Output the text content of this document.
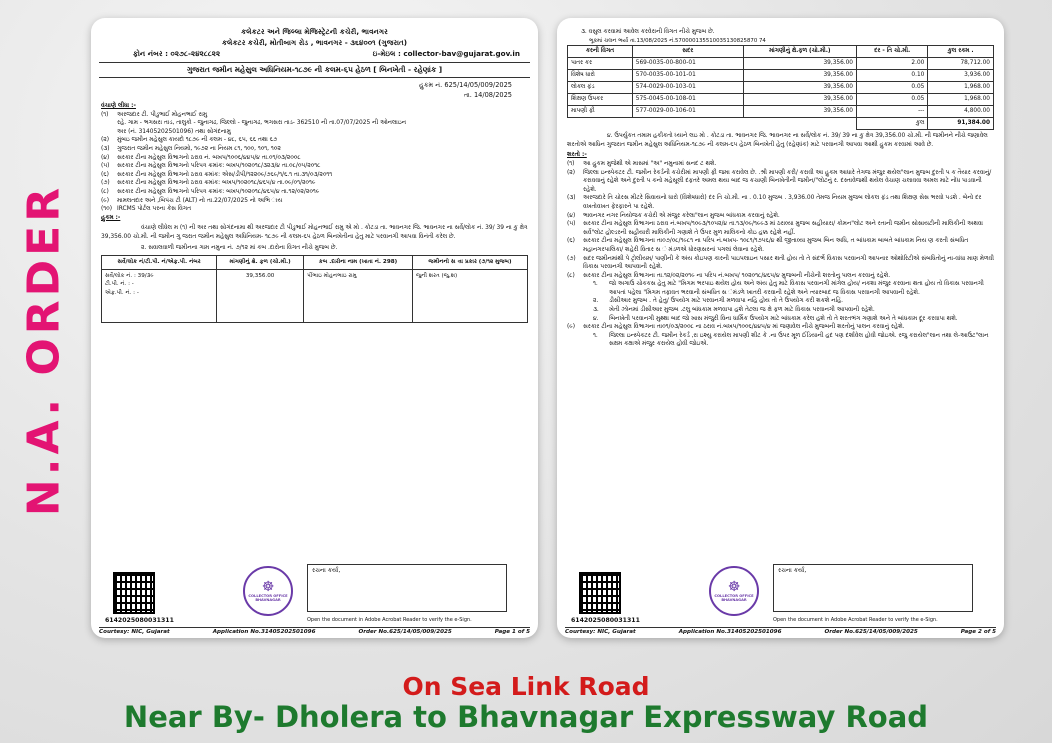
N.A. ORDER
કલેકટર અને જિલ્લા મેજિસ્ટ્રેટની કચેરી, ભાવનગર
કલેકટર કચેરી, મોતીબાગ રોડ , ભાવનગર - ૩૬૪૦૦૧ (ગુજરાત)
ફોન નંબર : ૦૨૭૮-૨૪૨૮૮૨૨	ઇ-મેઇલ : collector-bav@gujarat.gov.in
ગુજરાત જમીન મહેસુલ અધિનિયમ-૧૮૭૯ ની કલમ-૬૫ હેઠળ [ બિનખેતી - રહેણાંક ]
હુકમ નં. 625/14/05/009/2025
તા. 14/08/2025
વંચાણે લીધા :-
(૧)	અરજદાર ટી. પીડુભાઈ મોહનભાઈ રામુ
રહે. ગામ - ભગસરા તાડ, તાલુકો - જુનાગઢ, જિલ્લો - જુનાગઢ, ભગસરા તાડ- 362510 ની તા.07/07/2025 ની ઓનલાઇન
અર (નં. 31405202501096) તથા સોગંદનામુ
(૨)	મુંબઇ જમીન મહેસુલ કાયદો ૧૮૭૯ ની કલમ - ૪૮, ૬૫, ૬૬ તથા ૬૭
(૩)	ગુજરાત જમીન મહેસુલ નિયમો, ૧૯૭૨ ના નિયમ ૮૧, ૧૦૦, ૧૦૧, ૧૦૨
(૪)	સરકાર ટીના મહેસુલ વિભાગનો ઠરાવ નં. બખપ/૧૦૦૬/૪૪૫/૪ તા.૦૧/૦૩/૨૦૦૮
(૫)	સરકાર ટીના મહેસુલ વિભાગનો પરિપત્ર ક્રમાંક: બખપ/૧૦૨૦૧૮/૩૨૩/૪ તા.૦૮/૦૫/૨૦૧૮
(૬)	સરકાર ટીના મહેસુલ વિભાગનો ઠરાવ ક્રમાંક: એસ/ડીપી/૧૨૨૦૯/૭૬૯/૧/૬.૧ તા.૩૧/૦૩/૨૦૧૧
(૭)	સરકાર ટીના મહેસુલ વિભાગનો ઠરાવ ક્રમાંક: બખપ/૧૦૨૦૧૮/૪૬૫/૪ તા.૦૯/૦૧/૨૦૧૯
(૮)	સરકાર ટીના મહેસુલ વિભાગનો પરિપત્ર ક્રમાંક: બખપ/૧૦૨૦૧૮/૪૬૫/૪ તા.૧૨/૦૨/૨૦૧૯
(૯)	મામલતદાર અને ,બિપંચ ટી (ALT) નો તા.22/07/2025 નો અભિ ાય
(૧૦) IRCMS પોર્ટલ પરના કેસ વિગત
હુકમ :-
વંચાણે લીધેલ મ (૧) ની અર તથા સોગંદનામા થી અરજદાર ટી પીડુભાઈ મોહનભાઈ રામુ એ મો . કોટડા તા. ભાવનગર જિ. ભાવનગર ના સર્વે/લોક નં. 39/ 39 ના કુ ક્ષેત્ર 39,356.00 ચો.મી. ની જમીન ગુ જરાત જમીન મહેસુલ અધિનિયમ- ૧૮૭૯ ની કલમ-૬૫ હેઠળ બિનખેતીના હેતુ માટે પરવાનગી આપવા વિનંતી કરેલ છે.
૨. સવાલવાળી જમીનના ગામ નમુના નં. ૭/૧૨ માં કબ .દારોના વિગત નીચે મુજબ છે.
સર્વે/લોક નં/ટી.પી. નં/એફ.પી. નંબર	માંગણીનું ક્ષે. ફળ (ચો.મી.)	કબ .દારોના નામ (ખાતા નં. 298)	જમીનનો સ ત્તા પ્રકાર (૭/૧૨ મુજબ)

સર્વે/લોક નં. : 39/૩૯
ટી.પી. નં. : -
એફ.પી. નં. : -	39,356.00	પીંભાઇ મોહનભાઇ રામુ	જુની શરત (જુ.શ)
6142025080031311
☸
COLLECTOR OFFICE BHAVNAGAR
રચના કર્યા,
Open the document in Adobe Acrobat Reader to verify the e-Sign.
Courtesy: NIC, Gujarat	Application No.31405202501096	Order No.625/14/05/009/2025	Page 1 of 5
૩. વસુલ કરવામાં આવેલ કરવેરાની વિગત નીચે મુજબ છે.
ભૂકમાં ચલન ભર્યા તા.13/08/2025 નં.570000135510035130825870 74
કરની વિગત	સદર	માંગણીનું ક્ષે.ફળ (ચો.મી.)	દર - તિ ચો.મી.	કુલ રકમ .
પાતર કર	569-0035-00-800-01	39,356.00	2.00	78,712.00
વિશેષ ધારો	570-0035-00-101-01	39,356.00	0.10	3,936.00
લોકલ ફંડ	574-0029-00-103-01	39,356.00	0.05	1,968.00
શિક્ષણ ઉપકર	575-0045-00-108-01	39,356.00	0.05	1,968.00
માપણી ફી	577-0029-00-106-01	39,356.00	---	4,800.00
			કુલ	91,384.00
૪. ઉપર્યુકત તમામ હકીકતો ધ્યાને લઇ મો . કોટડા તા. ભાવનગર જિ. ભાવનગર ના સર્વે/લોક નં. 39/ 39 ના કુ ક્ષેત્ર 39,356.00 ચો.મી. ની જમીનને નીચે જણાવેલ શરતોએ આધિન ગુજરાત જમીન મહેસુલ અધિનિયમ-૧૮૭૯ ની કલમ-૬૫ હેઠળ બિનખેતી હેતુ (રહેણાંક) માટે પરવાનગી આપવા આથી હુકમ કરવામાં આવે છે.
શરતો :-
(૧)	આ હુકમ મુજેથી એ માસમાં "અ" નમુનામાં સનદ ટ થશે.
(૨)	જિલ્લા ઇન્સ્પેકટર ટી. જમીન રેકર્ડની કચેરીમાં માપણી ફી જમા કરાવેલ છે. .શ્રી માપણી કરી/ કરાવી આ હુકમ આધારે તેગજ મંજુર થયેલ"લાન મુજબ દુરતી પ ક તૈયાર કરવાનું/ કરાવવાનું રહેશે અને દુરતી પ કનો મહેસૂલી દફતરે અમલ થયા બાદ જ કચાણી બિનખેતીની જમીન/"લોટનું ર. દસ્તાવેજથી થયેલ વેચાણ ચલાવવા અમલ માટે નોંધ પાડવાની રહેશે.
(૩)	અરજદારે તિ ચોરસ મીટરે સિવાયનો ધારો (વિશેષધારો) દર તિ ચો.મી. ના . 0.10 મુજબ . 3,936.00 તેમજ નિયમ મુજબ લોકલ ફંડ તથા શિક્ષણ સેસ ભરવો પડશે . બેનો દર વખતોવખત ફેરફારને પા રહેશે.
(૪)	ભાવનગર નગર નિયોજક કચેરી એ મંજુર કરેલા"લાન મુજબ બાંધકામ કરવાનું રહેશે.
(૫)	સરકાર ટીના મહેસુલ વિભાગના ઠરાવ નં.બખપ/૧૦૯૩/૧૦૫૨/૪ તા.૧૩/૦૯/૧૯૯૩ માં ઠરાવ્યા મુજબ સહીયારા/ કોમન"લોટ અને રતાની જમીન સોસાયટીની માલિકીની અથવા સર્વે"લોટ હોલ્ડરની સહીયારી માલિકીની ગણાશે તે ઉપર મુળ માલિકનો કોઇ હક્ક રહેશે નહીં.
(૬)	સરકાર ટીના મહેસુલ વિભાગના તા૦૭/૦૮/૧૯૮૧ ના પરિપ નં.બખપ- ૧૦૮૧/૧૭૫૬/૪ થી જીતાવ્યા મુજબ બિન અધિ, ત બાંધકામ બાબતે બાંધકામ નિય ણ કરતી સંબધિત મહાનગરપાલિકા/ શહેરી વિતાર સ ં મંડળએ ધોરણસરનાં પગલાં લેવાના રહેશે.
(૭)	સદર જમીનમાંથી પે ટ્રોલીયમ/ પાણીની કે અંય કોઇપણ કારની પાઇપલાઇન પસાર થતી હોય તો તે સંદર્ભે વિકાસ પરવાનગી આપનાર ઓથોરિટીએ સંબધિતોનું ના-વાંધા માણ મેળવી વિકાસ પરવાનગી આપવાની રહેશે.
(૮)	સરકાર ટીના મહેસુલ વિભાગના તા.૧૨/૦૨/૨૦૧૯ ના પરિપ નં.બખપ/ ૧૦૨૦૧૮/૪૬૫/૪ મુજબની નીચેની શરતોનુ પાલન કરવાનું રહેશે.
૧.	જો અગાઉ ચોકકસ હેતુ માટે "મિગમ ભરપાઇ થયેલ હોય અને અંય હેતુ માટે વિકાસ પરવાનગી માંગેલ હોય/ નકશા મંજુર કરવાના થતા હોય તો વિકાસ પરવાનગી આપતાં પહેલા "મિગમ તફાવત ભરવાની સંબધિત સ ંમંડળે ખાતરી કરવાની રહેશે અને ત્યારબાદ જ વિકાસ પરવાનગી આપવાની રહેશે.
૨.	ડીસીઆર મુજબ . તે હેતુ/ ઉપયોગ માટે પરવાનગી મળવાપા નહિ હોય તો તે ઉપયોગ કરી શકશે નહિં.
૩.	ખેતી ઝોનમાં ડીસીઆર મુજબ .ટલુ બાંધકામ મળવાપા હશે તેટલા જ ક્ષે ફળ માટે વિકાસ પરવાનગી આપવાની રહેશે.
૪.	બિનખેતી પરવાનગી મુથ્થા બાદ જો ખાસ મંજુરી વિના ધાર્મિક ઉપયોગ માટે બાંધકામ કરેલ હશે તો તે શરતભંગ ગણાશે અને તે બાંધકામ દૂર કરવાપા થશે.
(૯)	સરકાર ટીના મહેસુલ વિભાગના તા૦૧/૦૩/૨૦૦૮ ના ઠરાવ નં.બખપ/૧૦૦૬/૪૪૫/૪ માં જણાવેલ નીચે મુજબની શરતોનું પાલન કરવાનું રહેશે.
૧.	જિલ્લા ઇન્સ્પેકટર ટી. જમીન રેકર્ડ ,રા ઇશ્યુ કરાયેલ માપણી શીટ કે .ના ઉપર મૂળ ઈંડિયાની હદ પણ દર્શાવેલ હોવી જોઇએ. રજુ કરાયેલ"લાન તથા લે-આઉટ"લાન સક્ષમ કક્ષાએ મંજુર કરાયેલ હોવી જોઇએ.
6142025080031311
☸
COLLECTOR OFFICE BHAVNAGAR
રચના કર્યા,
Open the document in Adobe Acrobat Reader to verify the e-Sign.
Courtesy: NIC, Gujarat	Application No.31405202501096	Order No.625/14/05/009/2025	Page 2 of 5
On Sea Link Road
Near By- Dholera to Bhavnagar Expressway Road
